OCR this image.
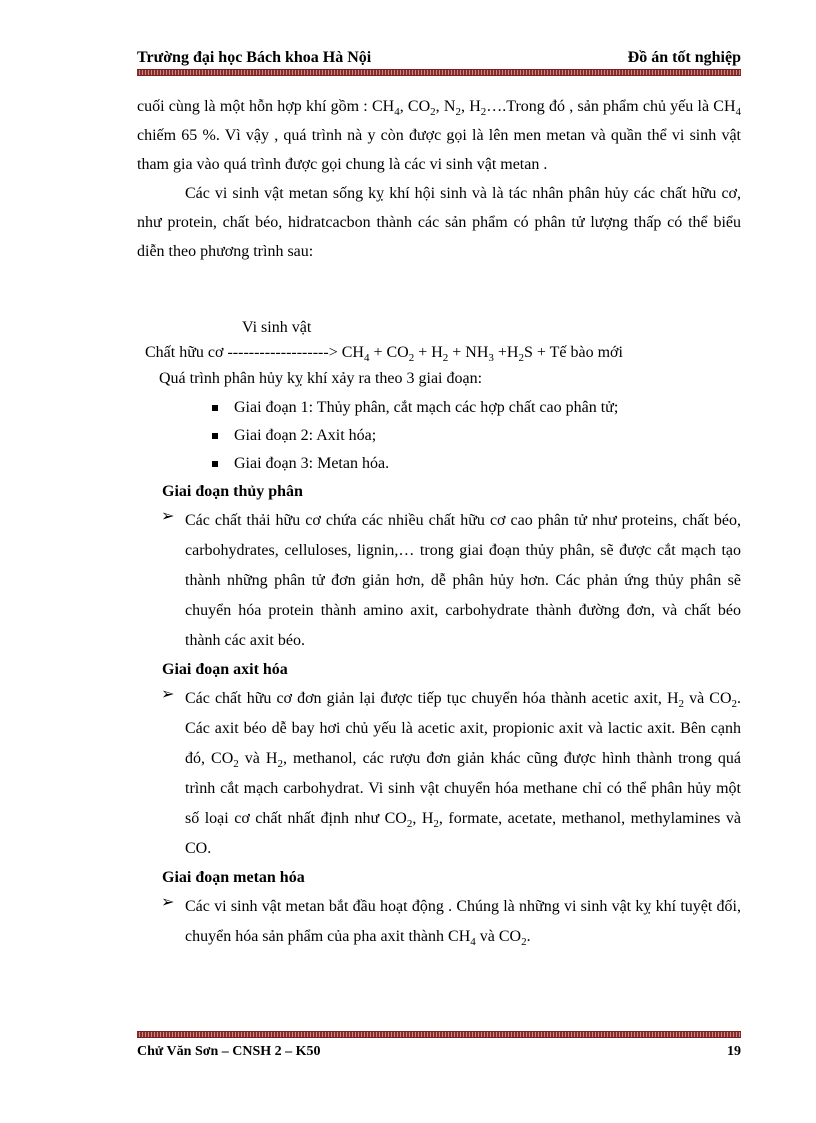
Trường đại học Bách khoa Hà Nội	Đồ án tốt nghiệp

cuối cùng là một hỗn hợp khí gồm : $CH_4$, $CO_2$, $N_2$, $H_2\dots.Trong$ đó , sản phẩm chủ yếu là $CH_4$ chiếm 65 %. Vì vậy , quá trình nà y còn được gọi là lên men metan và quần thể vi sinh vật tham gia vào quá trình được gọi chung là các vi sinh vật metan .

Các vi sinh vật metan sống kỵ khí hội sinh và là tác nhân phân hủy các chất hữu cơ, như protein, chất béo, hidratcacbon thành các sản phẩm có phân tử lượng thấp có thể biểu diễn theo phương trình sau:

Vi sinh vật
Chất hữu cơ -------------------> $CH_4 + CO_2 + H_2 + NH_3 +H_2S$ + Tế bào mới
Quá trình phân hủy kỵ khí xảy ra theo 3 giai đoạn:
Giai đoạn 1: Thủy phân, cắt mạch các hợp chất cao phân tử;
Giai đoạn 2: Axit hóa;
Giai đoạn 3: Metan hóa.
Giai đoạn thủy phân
➢ Các chất thải hữu cơ chứa các nhiều chất hữu cơ cao phân tử như proteins, chất béo, carbohydrates, celluloses, lignin,… trong giai đoạn thủy phân, sẽ được cắt mạch tạo thành những phân tử đơn giản hơn, dễ phân hủy hơn. Các phản ứng thủy phân sẽ chuyển hóa protein thành amino axit, carbohydrate thành đường đơn, và chất béo thành các axit béo.

Giai đoạn axit hóa
➢ Các chất hữu cơ đơn giản lại được tiếp tục chuyển hóa thành acetic axit, $H_2$ và $CO_2$. Các axit béo dễ bay hơi chủ yếu là acetic axit, propionic axit và lactic axit. Bên cạnh đó, $CO_2$ và $H_2$, methanol, các rượu đơn giản khác cũng được hình thành trong quá trình cắt mạch carbohydrat. Vi sinh vật chuyển hóa methane chỉ có thể phân hủy một số loại cơ chất nhất định như $CO_2$, $H_2$, formate, acetate, methanol, methylamines và CO.

Giai đoạn metan hóa
➢ Các vi sinh vật metan bắt đầu hoạt động . Chúng là những vi sinh vật kỵ khí tuyệt đối, chuyển hóa sản phẩm của pha axit thành $CH_4$ và $CO_2$.

Chử Văn Sơn – CNSH 2 – K50	19
